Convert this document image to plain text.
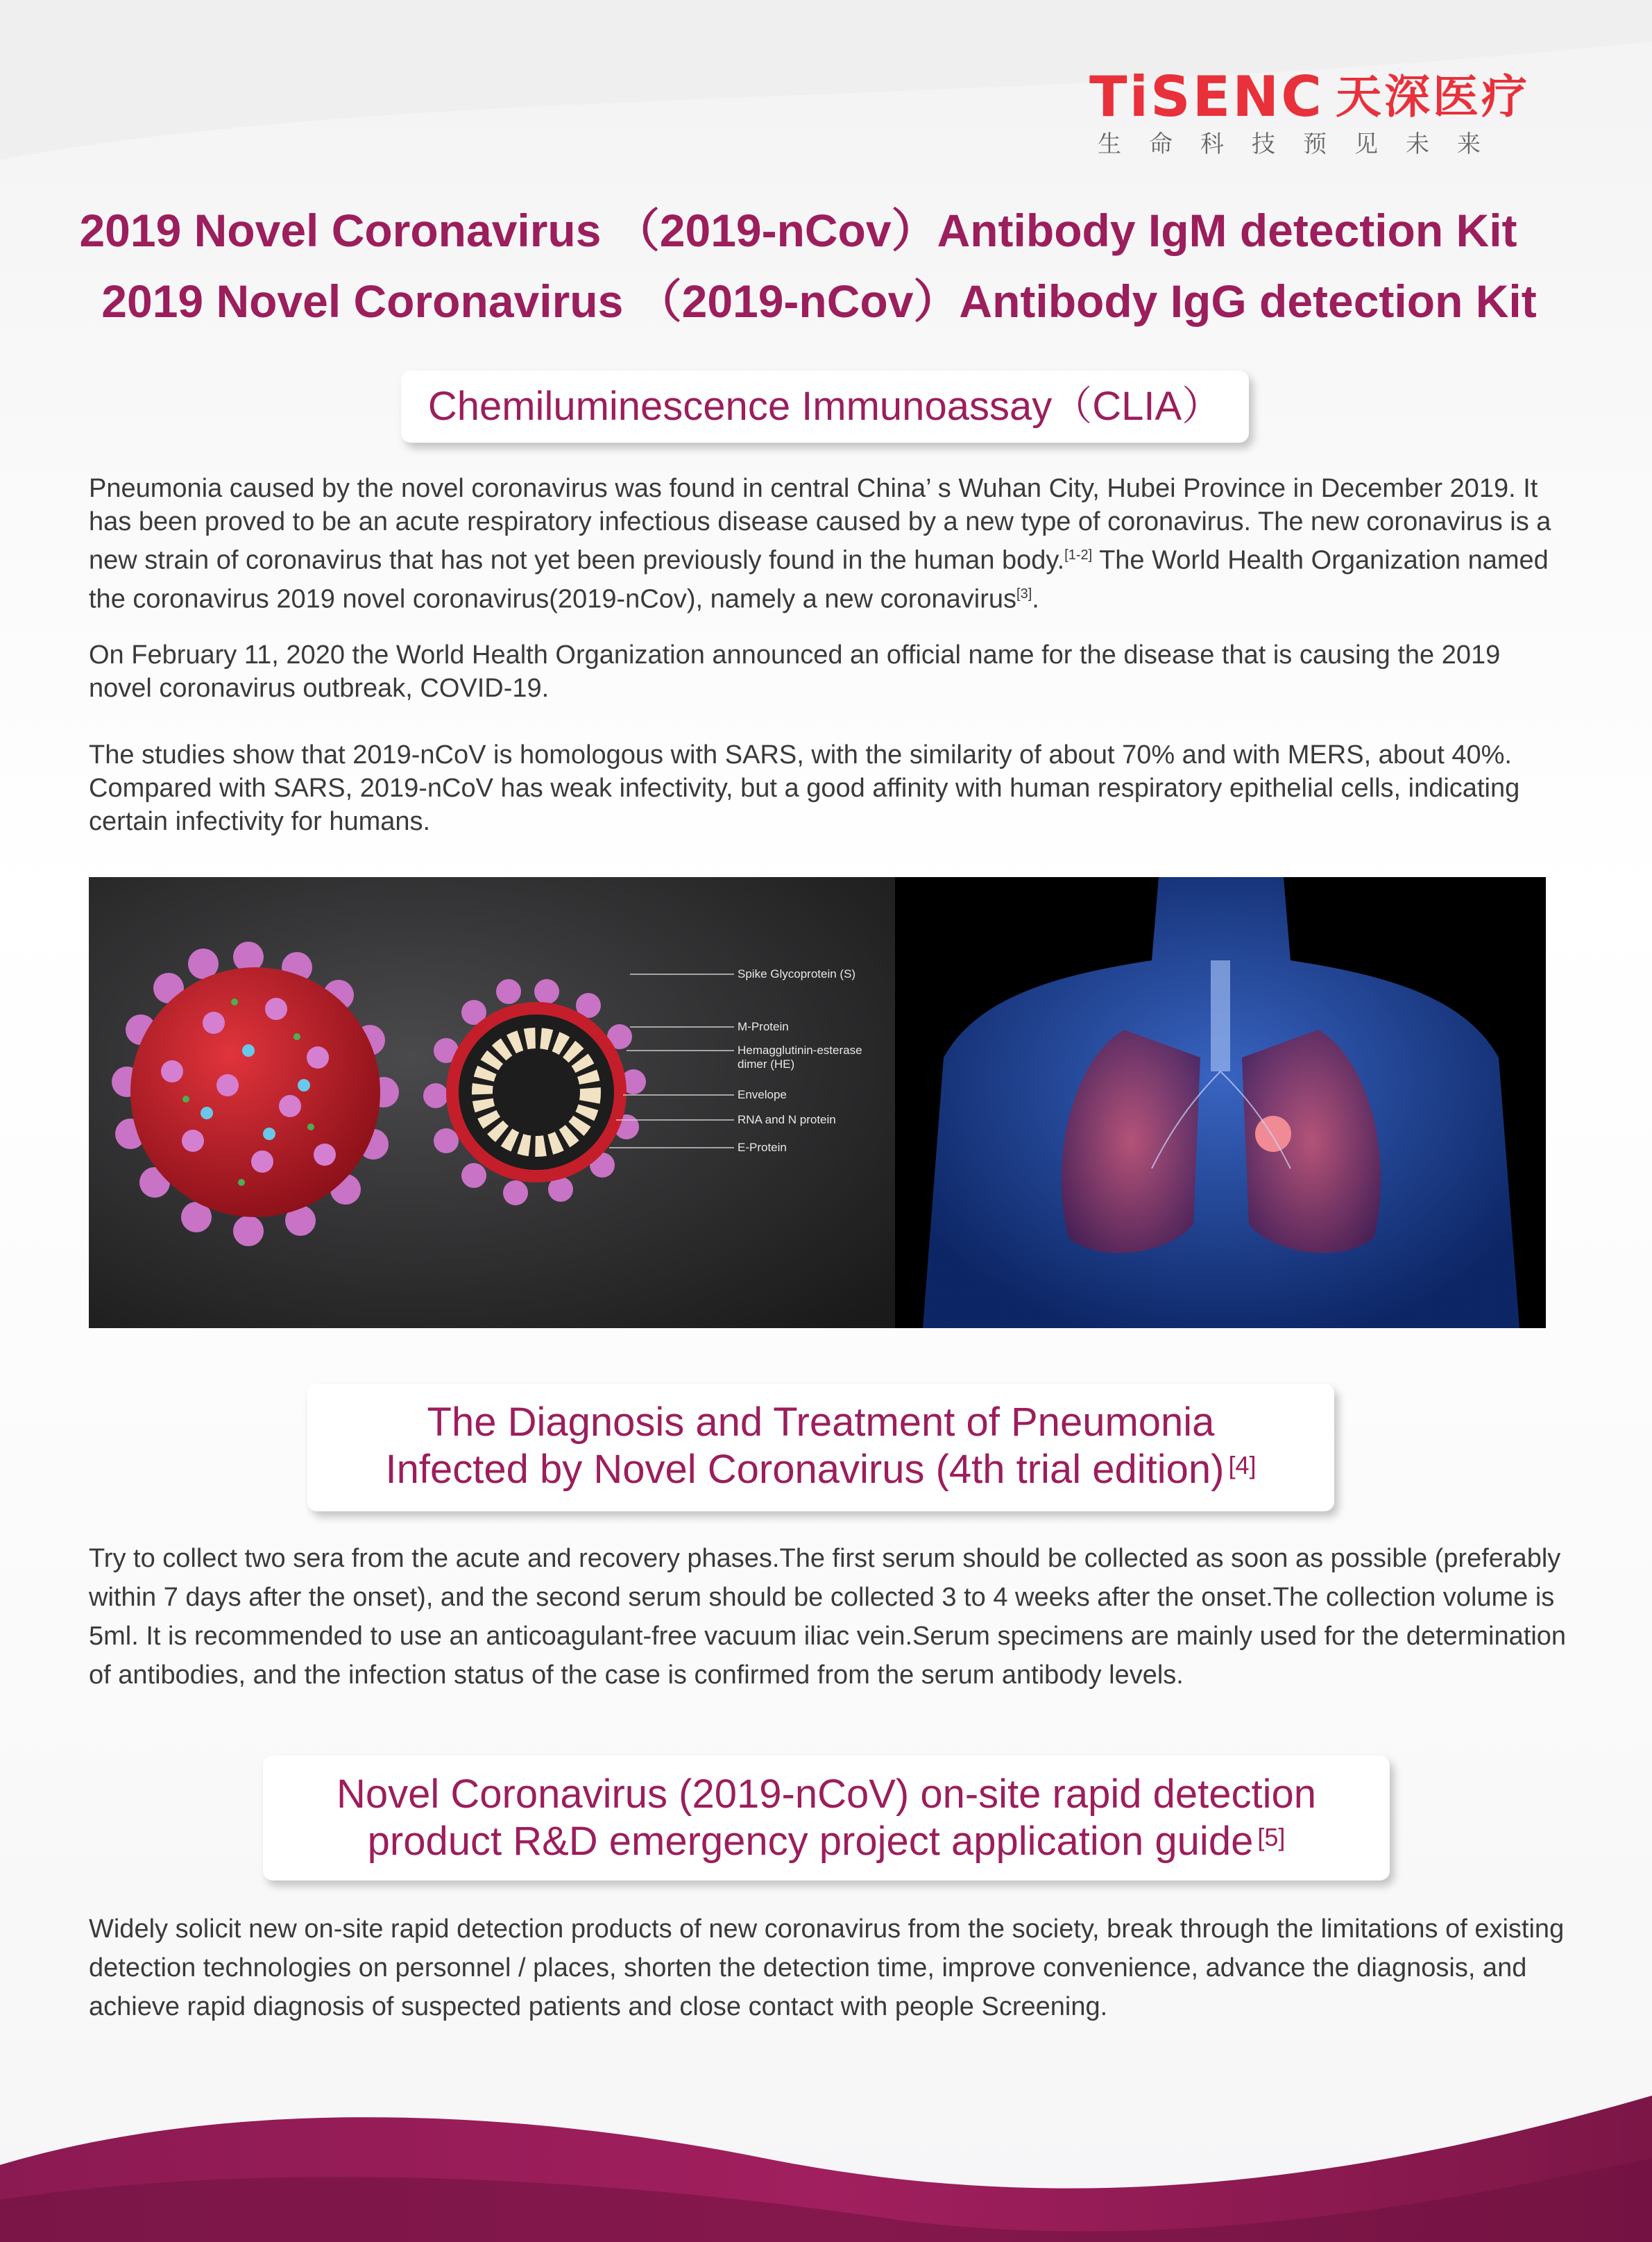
TiSENC 天深医疗
生命科技预见未来
2019 Novel Coronavirus （2019-nCov）Antibody IgM detection Kit
2019 Novel Coronavirus （2019-nCov）Antibody IgG detection Kit
Chemiluminescence Immunoassay（CLIA）

Pneumonia caused by the novel coronavirus was found in central China’ s Wuhan City, Hubei Province in December 2019. It has been proved to be an acute respiratory infectious disease caused by a new type of coronavirus. The new coronavirus is a new strain of coronavirus that has not yet been previously found in the human body.[1-2] The World Health Organization named the coronavirus 2019 novel coronavirus(2019-nCov), namely a new coronavirus[3].

On February 11, 2020 the World Health Organization announced an official name for the disease that is causing the 2019 novel coronavirus outbreak, COVID-19.

The studies show that 2019-nCoV is homologous with SARS, with the similarity of about 70% and with MERS, about 40%. Compared with SARS, 2019-nCoV has weak infectivity, but a good affinity with human respiratory epithelial cells, indicating certain infectivity for humans.

Spike Glycoprotein (S)
M-Protein
Hemagglutinin-esterase dimer (HE)
Envelope
RNA and N protein
E-Protein
The Diagnosis and Treatment of Pneumonia
Infected by Novel Coronavirus (4th trial edition) [4]

Try to collect two sera from the acute and recovery phases.The first serum should be collected as soon as possible (preferably within 7 days after the onset), and the second serum should be collected 3 to 4 weeks after the onset.The collection volume is 5ml. It is recommended to use an anticoagulant-free vacuum iliac vein.Serum specimens are mainly used for the determination of antibodies, and the infection status of the case is confirmed from the serum antibody levels.

Novel Coronavirus (2019-nCoV) on-site rapid detection
product R&D emergency project application guide [5]

Widely solicit new on-site rapid detection products of new coronavirus from the society, break through the limitations of existing detection technologies on personnel / places, shorten the detection time, improve convenience, advance the diagnosis, and achieve rapid diagnosis of suspected patients and close contact with people Screening.
